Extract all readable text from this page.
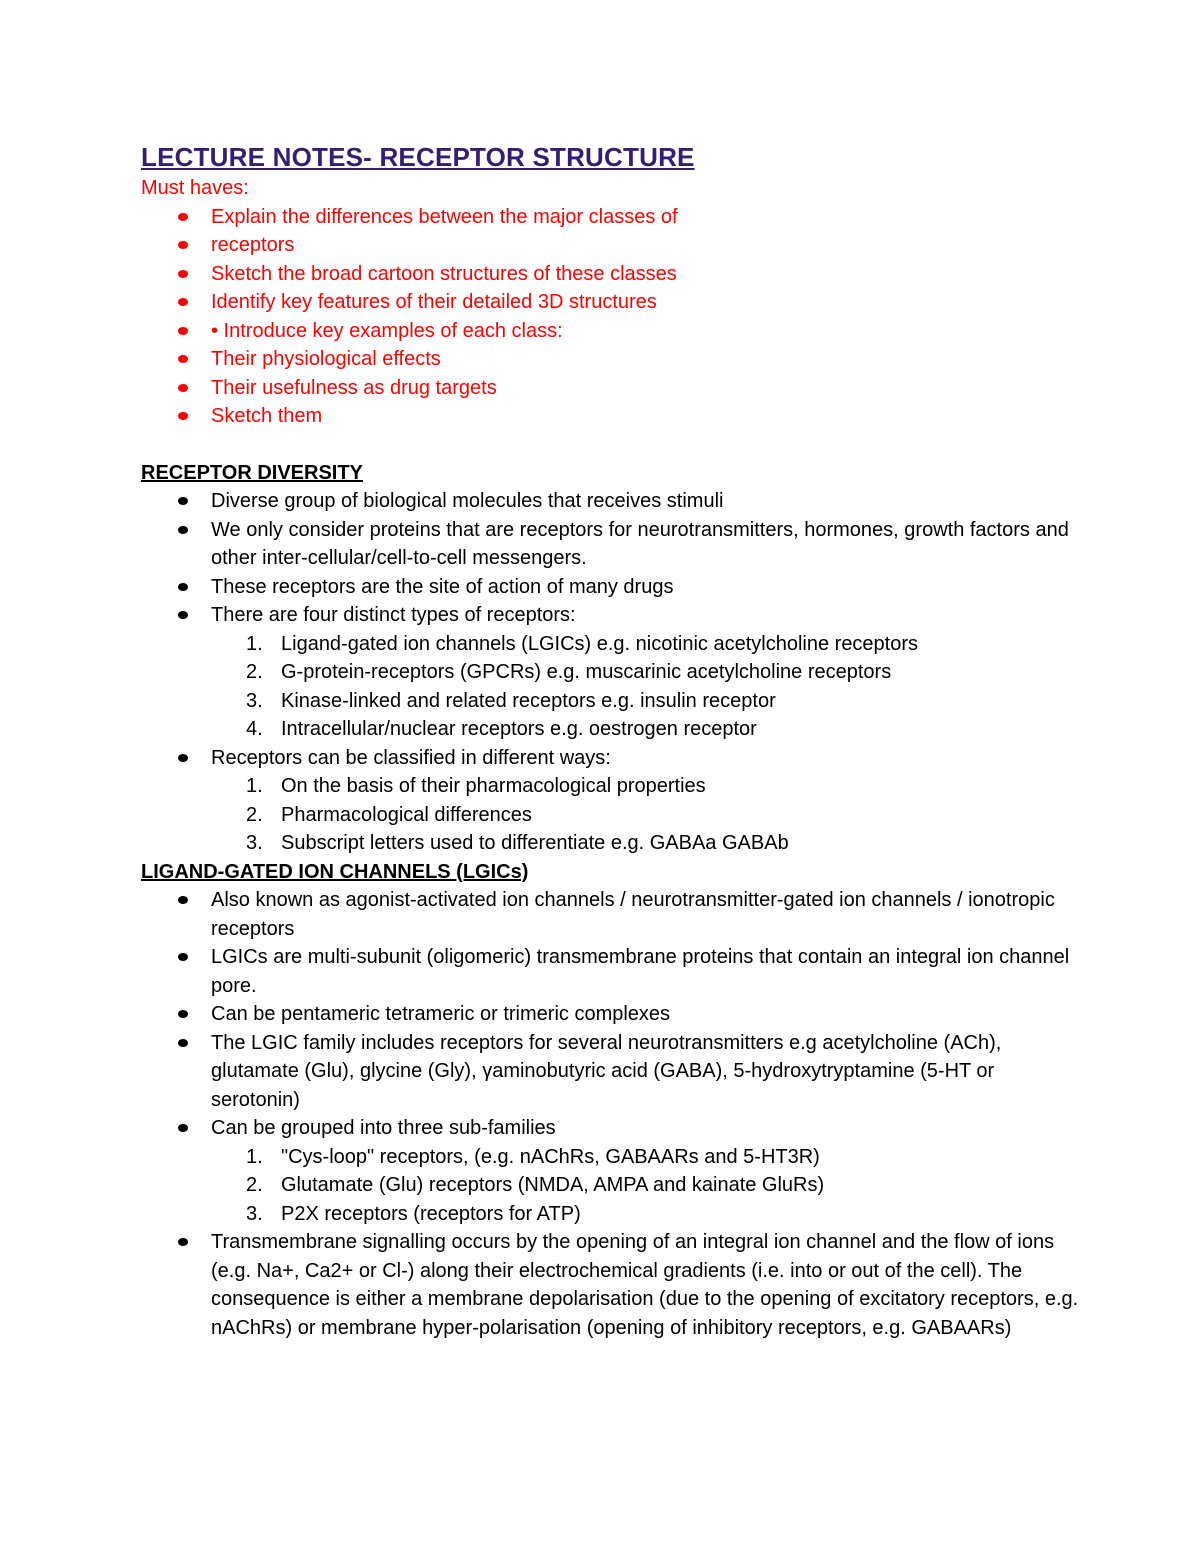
LECTURE NOTES- RECEPTOR STRUCTURE

Must haves:

Explain the differences between the major classes of
receptors
Sketch the broad cartoon structures of these classes
Identify key features of their detailed 3D structures
• Introduce key examples of each class:
Their physiological effects
Their usefulness as drug targets
Sketch them
RECEPTOR DIVERSITY
Diverse group of biological molecules that receives stimuli
We only consider proteins that are receptors for neurotransmitters, hormones, growth factors and other inter-cellular/cell-to-cell messengers.
These receptors are the site of action of many drugs
There are four distinct types of receptors:
1. Ligand-gated ion channels (LGICs) e.g. nicotinic acetylcholine receptors
2. G-protein-receptors (GPCRs) e.g. muscarinic acetylcholine receptors
3. Kinase-linked and related receptors e.g. insulin receptor
4. Intracellular/nuclear receptors e.g. oestrogen receptor
Receptors can be classified in different ways:
1. On the basis of their pharmacological properties
2. Pharmacological differences
3. Subscript letters used to differentiate e.g. GABAa GABAb
LIGAND-GATED ION CHANNELS (LGICs)
Also known as agonist-activated ion channels / neurotransmitter-gated ion channels / ionotropic receptors
LGICs are multi-subunit (oligomeric) transmembrane proteins that contain an integral ion channel pore.
Can be pentameric tetrameric or trimeric complexes
The LGIC family includes receptors for several neurotransmitters e.g acetylcholine (ACh), glutamate (Glu), glycine (Gly), γaminobutyric acid (GABA), 5-hydroxytryptamine (5-HT or serotonin)
Can be grouped into three sub-families
1. "Cys-loop" receptors, (e.g. nAChRs, GABAARs and 5-HT3R)
2. Glutamate (Glu) receptors (NMDA, AMPA and kainate GluRs)
3. P2X receptors (receptors for ATP)
Transmembrane signalling occurs by the opening of an integral ion channel and the flow of ions (e.g. Na+, Ca2+ or Cl-) along their electrochemical gradients (i.e. into or out of the cell). The consequence is either a membrane depolarisation (due to the opening of excitatory receptors, e.g. nAChRs) or membrane hyper-polarisation (opening of inhibitory receptors, e.g. GABAARs)
